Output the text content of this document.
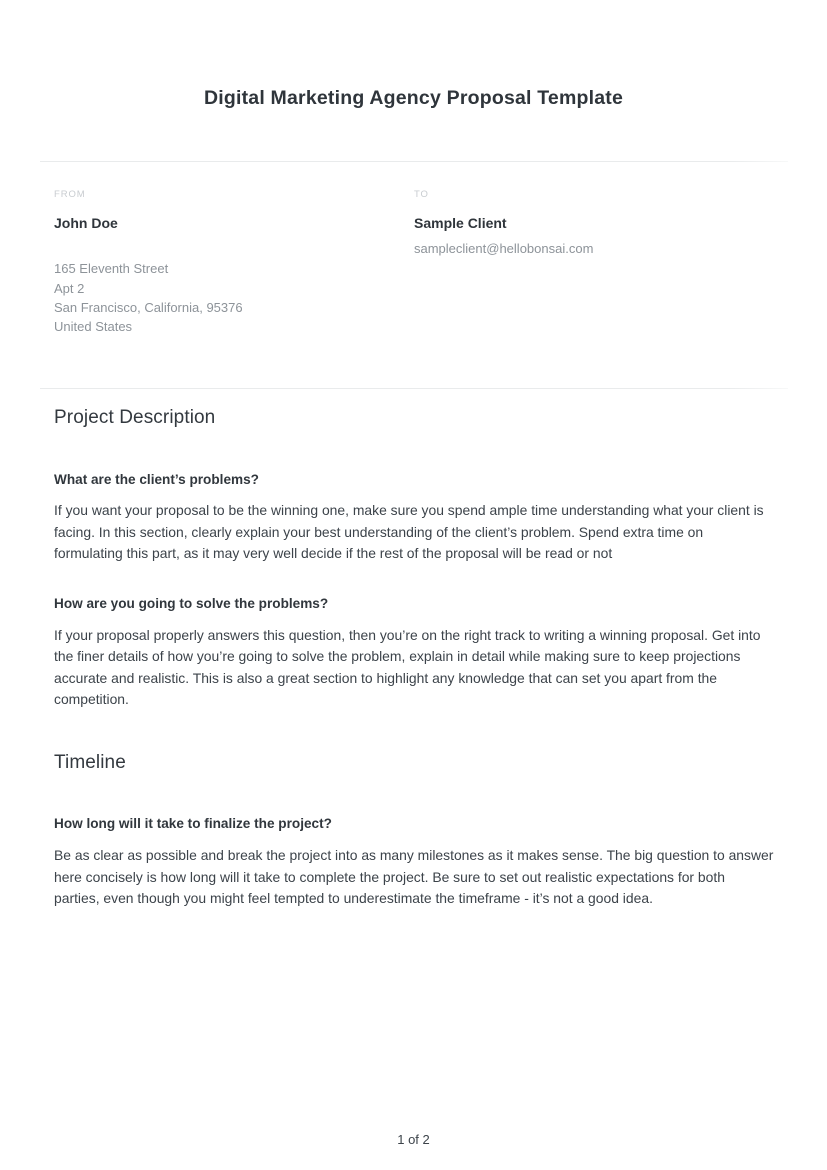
Digital Marketing Agency Proposal Template
FROM
John Doe
165 Eleventh Street
Apt 2
San Francisco, California, 95376
United States
TO
Sample Client
sampleclient@hellobonsai.com
Project Description
What are the client’s problems?
If you want your proposal to be the winning one, make sure you spend ample time understanding what your client is facing. In this section, clearly explain your best understanding of the client’s problem. Spend extra time on formulating this part, as it may very well decide if the rest of the proposal will be read or not
How are you going to solve the problems?
If your proposal properly answers this question, then you’re on the right track to writing a winning proposal. Get into the finer details of how you’re going to solve the problem, explain in detail while making sure to keep projections accurate and realistic. This is also a great section to highlight any knowledge that can set you apart from the competition.
Timeline
How long will it take to finalize the project?
Be as clear as possible and break the project into as many milestones as it makes sense. The big question to answer here concisely is how long will it take to complete the project. Be sure to set out realistic expectations for both parties, even though you might feel tempted to underestimate the timeframe - it’s not a good idea.
1 of 2
